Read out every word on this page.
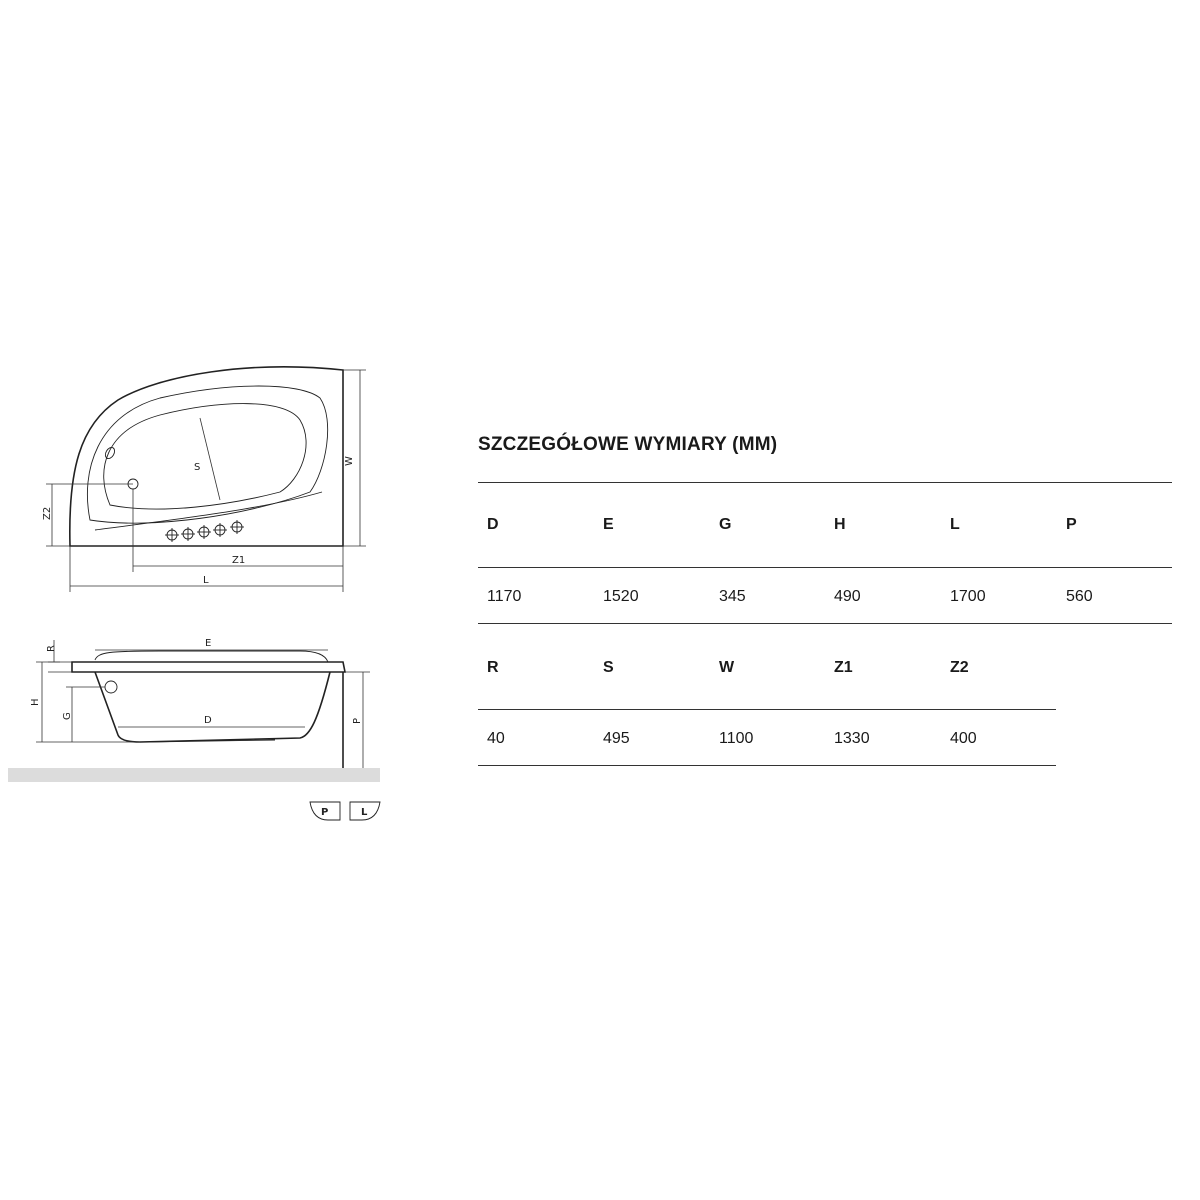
S
W
Z2
Z1
L
R	E
H
G	D	P
P	L
SZCZEGÓŁOWE WYMIARY (MM)
D	E	G	H	L	P
1170	1520	345	490	1700	560
R	S	W	Z1	Z2
40	495	1100	1330	400
